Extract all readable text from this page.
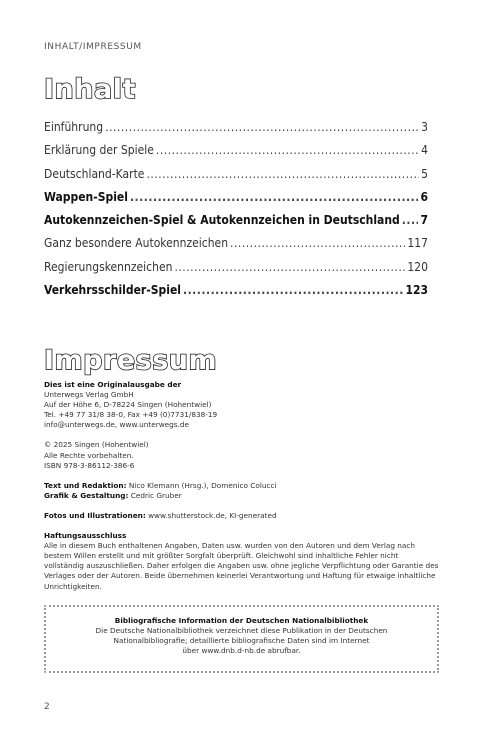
INHALT/IMPRESSUM
Inhalt
Einführung .....	3
Erklärung der Spiele .....	4
Deutschland-Karte .....	5
Wappen-Spiel .....	6
Autokennzeichen-Spiel & Autokennzeichen in Deutschland ..... 7
Ganz besondere Autokennzeichen .....	117
Regierungskennzeichen .....	120
Verkehrsschilder-Spiel .....	123
Impressum
Dies ist eine Originalausgabe der
Unterwegs Verlag GmbH
Auf der Höhe 6, D-78224 Singen (Hohentwiel)
Tel. +49 77 31/8 38-0, Fax +49 (0)7731/838-19
info@unterwegs.de, www.unterwegs.de
© 2025 Singen (Hohentwiel)
Alle Rechte vorbehalten.
ISBN 978-3-86112-386-6
Text und Redaktion: Nico Klemann (Hrsg.), Domenico Colucci
Grafik & Gestaltung: Cedric Gruber
Fotos und Illustrationen: www.shutterstock.de, KI-generated
Haftungsausschluss
Alle in diesem Buch enthaltenen Angaben, Daten usw. wurden von den Autoren und dem Verlag nach bestem Willen erstellt und mit größter Sorgfalt überprüft. Gleichwohl sind inhaltliche Fehler nicht vollständig auszuschließen. Daher erfolgen die Angaben usw. ohne jegliche Verpflichtung oder Garantie des Verlages oder der Autoren. Beide übernehmen keinerlei Verantwortung und Haftung für etwaige inhaltliche Unrichtigkeiten.
Bibliografische Information der Deutschen Nationalbibliothek
Die Deutsche Nationalbibliothek verzeichnet diese Publikation in der Deutschen
Nationalbibliografie; detaillierte bibliografische Daten sind im Internet
über www.dnb.d-nb.de abrufbar.
2
